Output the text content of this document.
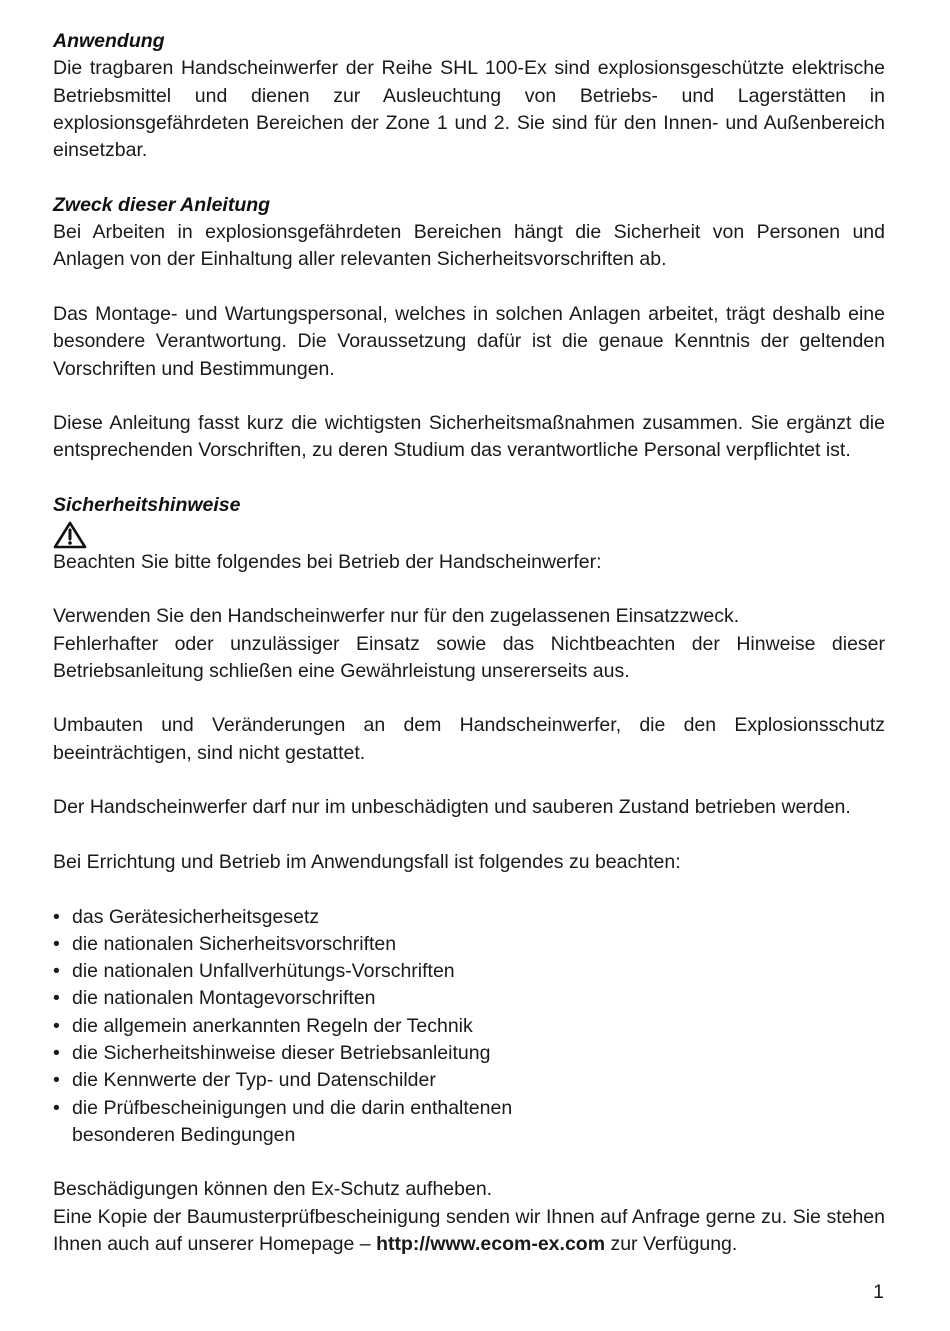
Anwendung

Die tragbaren Handscheinwerfer der Reihe SHL 100-Ex sind explosionsgeschützte elektrische Betriebsmittel und dienen zur Ausleuchtung von Betriebs- und Lagerstätten in explosionsgefährdeten Bereichen der Zone 1 und 2. Sie sind für den Innen- und Außenbereich einsetzbar.

Zweck dieser Anleitung

Bei Arbeiten in explosionsgefährdeten Bereichen hängt die Sicherheit von Personen und Anlagen von der Einhaltung aller relevanten Sicherheitsvorschriften ab.

Das Montage- und Wartungspersonal, welches in solchen Anlagen arbeitet, trägt deshalb eine besondere Verantwortung. Die Voraussetzung dafür ist die genaue Kenntnis der geltenden Vorschriften und Bestimmungen.

Diese Anleitung fasst kurz die wichtigsten Sicherheitsmaßnahmen zusammen. Sie ergänzt die entsprechenden Vorschriften, zu deren Studium das verantwortliche Personal verpflichtet ist.

Sicherheitshinweise

Beachten Sie bitte folgendes bei Betrieb der Handscheinwerfer:

Verwenden Sie den Handscheinwerfer nur für den zugelassenen Einsatzzweck.

Fehlerhafter oder unzulässiger Einsatz sowie das Nichtbeachten der Hinweise dieser Betriebsanleitung schließen eine Gewährleistung unsererseits aus.

Umbauten und Veränderungen an dem Handscheinwerfer, die den Explosionsschutz beeinträchtigen, sind nicht gestattet.

Der Handscheinwerfer darf nur im unbeschädigten und sauberen Zustand betrieben werden.

Bei Errichtung und Betrieb im Anwendungsfall ist folgendes zu beachten:

• das Gerätesicherheitsgesetz
• die nationalen Sicherheitsvorschriften
• die nationalen Unfallverhütungs-Vorschriften
• die nationalen Montagevorschriften
• die allgemein anerkannten Regeln der Technik
• die Sicherheitshinweise dieser Betriebsanleitung
• die Kennwerte der Typ- und Datenschilder
• die Prüfbescheinigungen und die darin enthaltenen besonderen Bedingungen

Beschädigungen können den Ex-Schutz aufheben.

Eine Kopie der Baumusterprüfbescheinigung senden wir Ihnen auf Anfrage gerne zu. Sie stehen Ihnen auch auf unserer Homepage – http://www.ecom-ex.com zur Verfügung.

1
